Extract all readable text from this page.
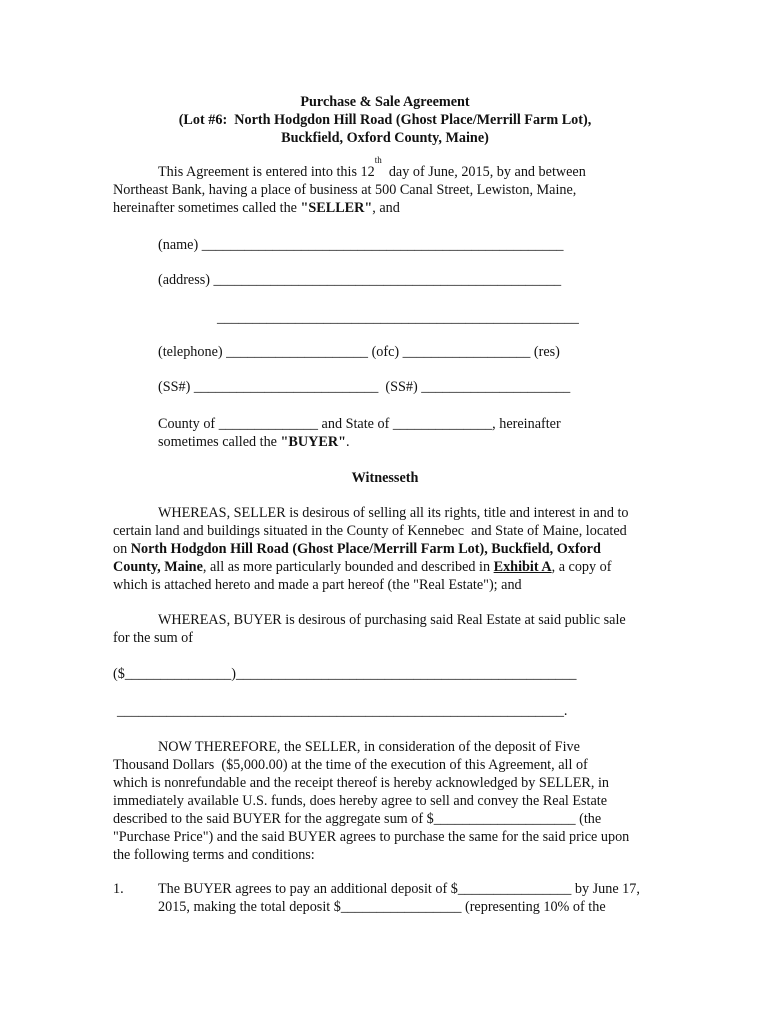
Purchase & Sale Agreement
(Lot #6:  North Hodgdon Hill Road (Ghost Place/Merrill Farm Lot),
Buckfield, Oxford County, Maine)
This Agreement is entered into this 12th  day of June, 2015, by and between
Northeast Bank, having a place of business at 500 Canal Street, Lewiston, Maine,
hereinafter sometimes called the "SELLER", and
(name) ___________________________________________________
(address) _________________________________________________
___________________________________________________
(telephone) ____________________ (ofc) __________________ (res)
(SS#) __________________________  (SS#) _____________________
County of ______________ and State of ______________, hereinafter
sometimes called the "BUYER".
Witnesseth
WHEREAS, SELLER is desirous of selling all its rights, title and interest in and to
certain land and buildings situated in the County of Kennebec  and State of Maine, located
on North Hodgdon Hill Road (Ghost Place/Merrill Farm Lot), Buckfield, Oxford
County, Maine, all as more particularly bounded and described in Exhibit A, a copy of
which is attached hereto and made a part hereof (the "Real Estate"); and
WHEREAS, BUYER is desirous of purchasing said Real Estate at said public sale
for the sum of
($_______________)________________________________________________
_______________________________________________________________.
NOW THEREFORE, the SELLER, in consideration of the deposit of Five
Thousand Dollars  ($5,000.00) at the time of the execution of this Agreement, all of
which is nonrefundable and the receipt thereof is hereby acknowledged by SELLER, in
immediately available U.S. funds, does hereby agree to sell and convey the Real Estate
described to the said BUYER for the aggregate sum of $____________________ (the
"Purchase Price") and the said BUYER agrees to purchase the same for the said price upon
the following terms and conditions:
1. The BUYER agrees to pay an additional deposit of $________________ by June 17,
2015, making the total deposit $_________________ (representing 10% of the
